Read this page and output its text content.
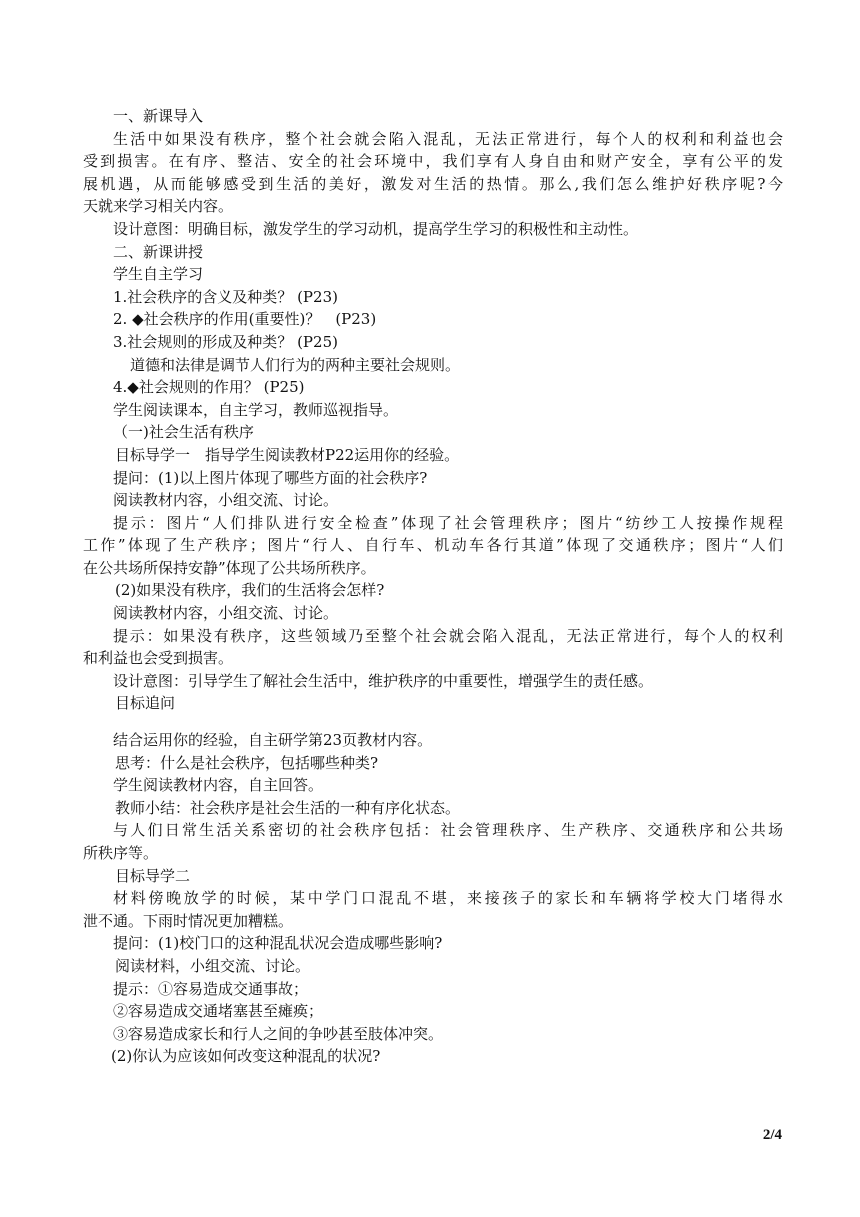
一、新课导入
生活中如果没有秩序，整个社会就会陷入混乱，无法正常进行，每个人的权利和利益也会
受到损害。在有序、整洁、安全的社会环境中，我们享有人身自由和财产安全，享有公平的发
展机遇，从而能够感受到生活的美好，激发对生活的热情。那么,我们怎么维护好秩序呢?今
天就来学习相关内容。
设计意图：明确目标，激发学生的学习动机，提高学生学习的积极性和主动性。
二、新课讲授
学生自主学习
1.社会秩序的含义及种类？ (P23)
2. ◆社会秩序的作用(重要性)？　(P23)
3.社会规则的形成及种类？ (P25)
道德和法律是调节人们行为的两种主要社会规则。
4.◆社会规则的作用？ (P25)
学生阅读课本，自主学习，教师巡视指导。
（一)社会生活有秩序
目标导学一　指导学生阅读教材P22运用你的经验。
提问：(1)以上图片体现了哪些方面的社会秩序?
阅读教材内容，小组交流、讨论。
提示：图片“人们排队进行安全检查”体现了社会管理秩序；图片“纺纱工人按操作规程
工作”体现了生产秩序；图片“行人、自行车、机动车各行其道”体现了交通秩序；图片“人们
在公共场所保持安静”体现了公共场所秩序。
(2)如果没有秩序，我们的生活将会怎样?
阅读教材内容，小组交流、讨论。
提示：如果没有秩序，这些领域乃至整个社会就会陷入混乱，无法正常进行，每个人的权利
和利益也会受到损害。
设计意图：引导学生了解社会生活中，维护秩序的中重要性，增强学生的责任感。
目标追问
结合运用你的经验，自主研学第23页教材内容。
思考：什么是社会秩序，包括哪些种类?
学生阅读教材内容，自主回答。
教师小结：社会秩序是社会生活的一种有序化状态。
与人们日常生活关系密切的社会秩序包括：社会管理秩序、生产秩序、交通秩序和公共场
所秩序等。
目标导学二
材料傍晚放学的时候，某中学门口混乱不堪，来接孩子的家长和车辆将学校大门堵得水
泄不通。下雨时情况更加糟糕。
提问：(1)校门口的这种混乱状况会造成哪些影响?
阅读材料，小组交流、讨论。
提示：①容易造成交通事故；
②容易造成交通堵塞甚至瘫痪；
③容易造成家长和行人之间的争吵甚至肢体冲突。
(2)你认为应该如何改变这种混乱的状况?
2/4
